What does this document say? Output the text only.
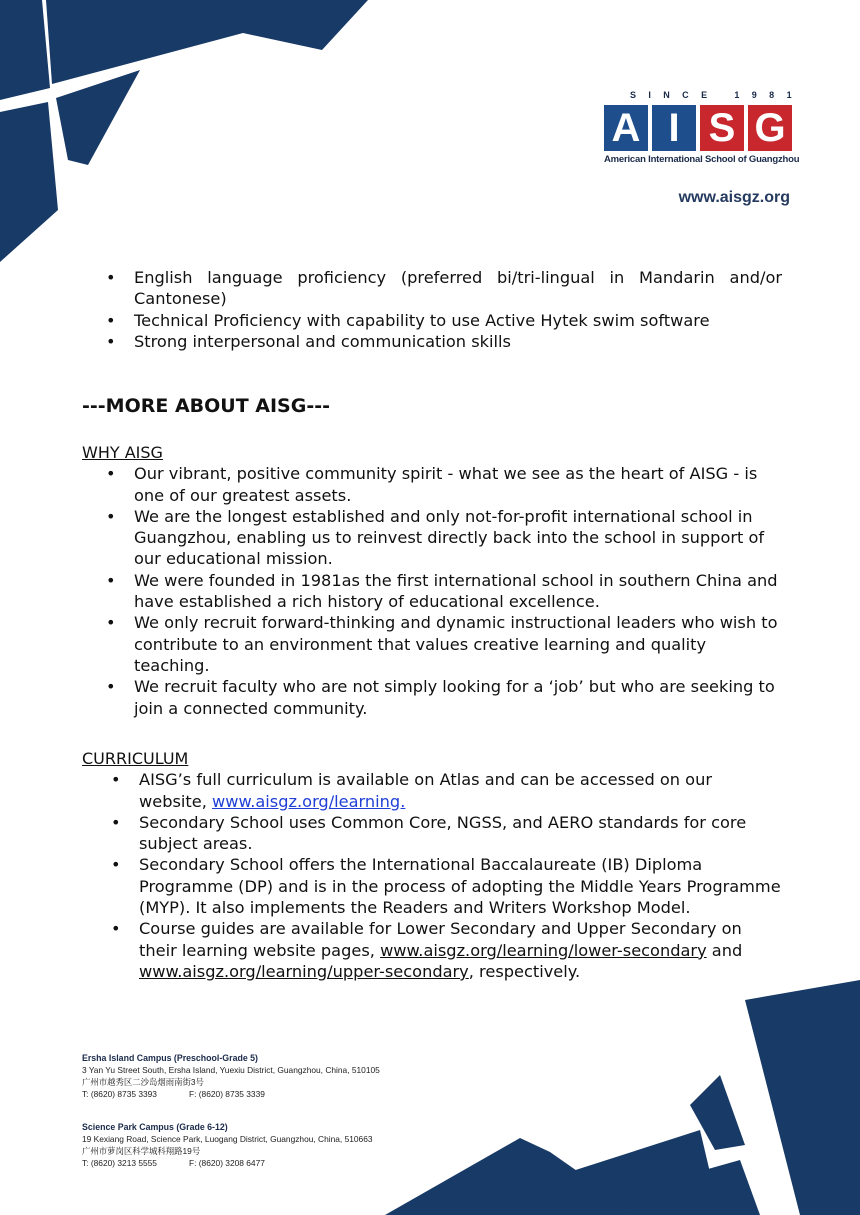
SINCE 1981
A I S G
American International School of Guangzhou
www.aisgz.org
• English language proficiency (preferred bi/tri-lingual in Mandarin and/or Cantonese)
• Technical Proficiency with capability to use Active Hytek swim software
• Strong interpersonal and communication skills
---MORE ABOUT AISG---
WHY AISG
• Our vibrant, positive community spirit - what we see as the heart of AISG - is one of our greatest assets.
• We are the longest established and only not-for-profit international school in Guangzhou, enabling us to reinvest directly back into the school in support of our educational mission.
• We were founded in 1981as the first international school in southern China and have established a rich history of educational excellence.
• We only recruit forward-thinking and dynamic instructional leaders who wish to contribute to an environment that values creative learning and quality teaching.
• We recruit faculty who are not simply looking for a ‘job’ but who are seeking to join a connected community.
CURRICULUM
• AISG’s full curriculum is available on Atlas and can be accessed on our website, www.aisgz.org/learning.
• Secondary School uses Common Core, NGSS, and AERO standards for core subject areas.
• Secondary School offers the International Baccalaureate (IB) Diploma Programme (DP) and is in the process of adopting the Middle Years Programme (MYP). It also implements the Readers and Writers Workshop Model.
• Course guides are available for Lower Secondary and Upper Secondary on their learning website pages, www.aisgz.org/learning/lower-secondary and www.aisgz.org/learning/upper-secondary, respectively.
Ersha Island Campus (Preschool-Grade 5)
3 Yan Yu Street South, Ersha Island, Yuexiu District, Guangzhou, China, 510105
广州市越秀区二沙岛烟雨南街3号
T: (8620) 8735 3393	F: (8620) 8735 3339
Science Park Campus (Grade 6-12)
19 Kexiang Road, Science Park, Luogang District, Guangzhou, China, 510663
广州市萝岗区科学城科翔路19号
T: (8620) 3213 5555	F: (8620) 3208 6477
